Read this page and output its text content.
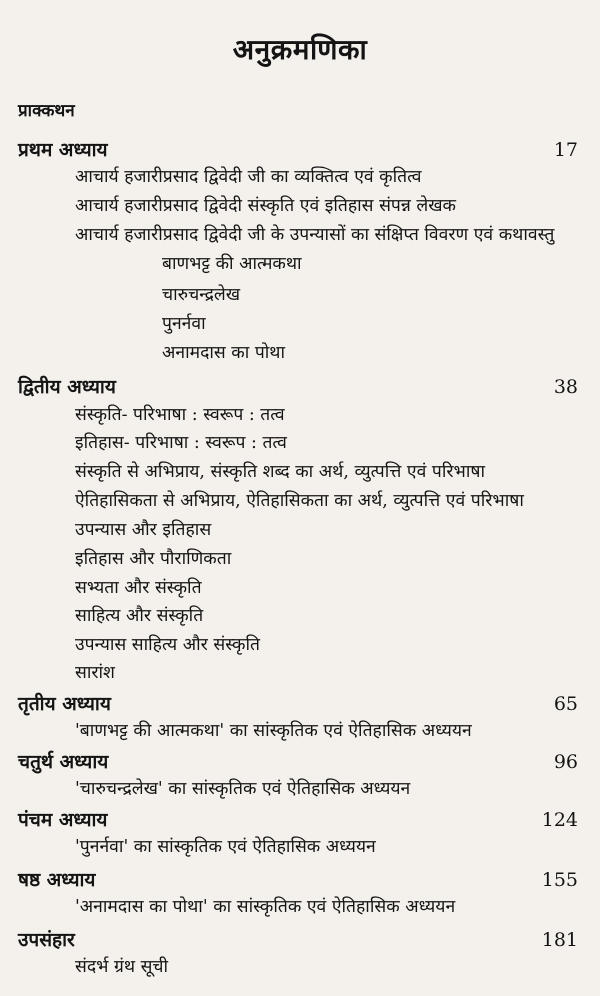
अनुक्रमणिका
प्राक्कथन
प्रथम अध्याय	17
आचार्य हजारीप्रसाद द्विवेदी जी का व्यक्तित्व एवं कृतित्व
आचार्य हजारीप्रसाद द्विवेदी संस्कृति एवं इतिहास संपन्न लेखक
आचार्य हजारीप्रसाद द्विवेदी जी के उपन्यासों का संक्षिप्त विवरण एवं कथावस्तु
बाणभट्ट की आत्मकथा
चारुचन्द्रलेख
पुनर्नवा
अनामदास का पोथा
द्वितीय अध्याय	38
संस्कृति- परिभाषा : स्वरूप : तत्व
इतिहास- परिभाषा : स्वरूप : तत्व
संस्कृति से अभिप्राय, संस्कृति शब्द का अर्थ, व्युत्पत्ति एवं परिभाषा
ऐतिहासिकता से अभिप्राय, ऐतिहासिकता का अर्थ, व्युत्पत्ति एवं परिभाषा
उपन्यास और इतिहास
इतिहास और पौराणिकता
सभ्यता और संस्कृति
साहित्य और संस्कृति
उपन्यास साहित्य और संस्कृति
सारांश
तृतीय अध्याय	65
'बाणभट्ट की आत्मकथा' का सांस्कृतिक एवं ऐतिहासिक अध्ययन
चतुर्थ अध्याय	96
'चारुचन्द्रलेख' का सांस्कृतिक एवं ऐतिहासिक अध्ययन
पंचम अध्याय	124
'पुनर्नवा' का सांस्कृतिक एवं ऐतिहासिक अध्ययन
षष्ठ अध्याय	155
'अनामदास का पोथा' का सांस्कृतिक एवं ऐतिहासिक अध्ययन
उपसंहार	181
संदर्भ ग्रंथ सूची
